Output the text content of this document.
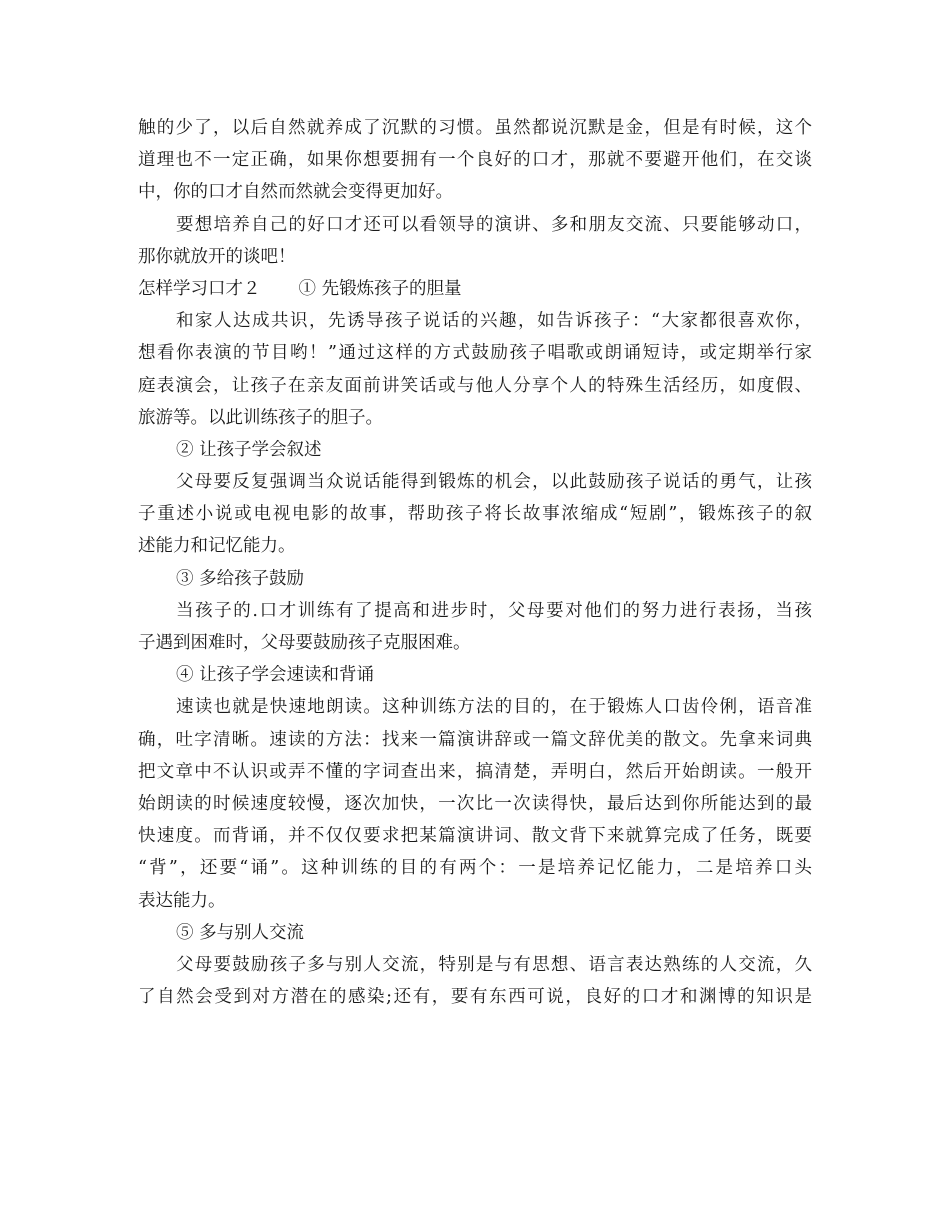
触的少了，以后自然就养成了沉默的习惯。虽然都说沉默是金，但是有时候，这个
道理也不一定正确，如果你想要拥有一个良好的口才，那就不要避开他们，在交谈
中，你的口才自然而然就会变得更加好。
要想培养自己的好口才还可以看领导的演讲、多和朋友交流、只要能够动口，
那你就放开的谈吧！
怎样学习口才２ ① 先锻炼孩子的胆量
和家人达成共识，先诱导孩子说话的兴趣，如告诉孩子：“大家都很喜欢你，
想看你表演的节目哟！”通过这样的方式鼓励孩子唱歌或朗诵短诗，或定期举行家
庭表演会，让孩子在亲友面前讲笑话或与他人分享个人的特殊生活经历，如度假、
旅游等。以此训练孩子的胆子。
② 让孩子学会叙述
父母要反复强调当众说话能得到锻炼的机会，以此鼓励孩子说话的勇气，让孩
子重述小说或电视电影的故事，帮助孩子将长故事浓缩成“短剧”，锻炼孩子的叙
述能力和记忆能力。
③ 多给孩子鼓励
当孩子的.口才训练有了提高和进步时，父母要对他们的努力进行表扬，当孩
子遇到困难时，父母要鼓励孩子克服困难。
④ 让孩子学会速读和背诵
速读也就是快速地朗读。这种训练方法的目的，在于锻炼人口齿伶俐，语音准
确，吐字清晰。速读的方法：找来一篇演讲辞或一篇文辞优美的散文。先拿来词典
把文章中不认识或弄不懂的字词查出来，搞清楚，弄明白，然后开始朗读。一般开
始朗读的时候速度较慢，逐次加快，一次比一次读得快，最后达到你所能达到的最
快速度。而背诵，并不仅仅要求把某篇演讲词、散文背下来就算完成了任务，既要
“背”，还要“诵”。这种训练的目的有两个：一是培养记忆能力，二是培养口头
表达能力。
⑤ 多与别人交流
父母要鼓励孩子多与别人交流，特别是与有思想、语言表达熟练的人交流，久
了自然会受到对方潜在的感染;还有，要有东西可说，良好的口才和渊博的知识是
